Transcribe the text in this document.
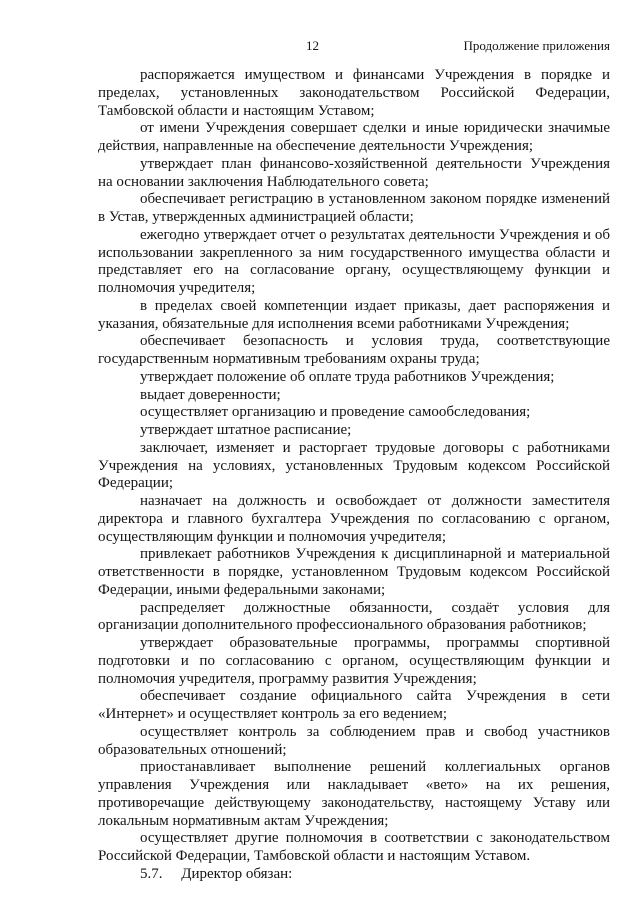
12	Продолжение приложения

распоряжается имуществом и финансами Учреждения в порядке и пределах, установленных законодательством Российской Федерации, Тамбовской области и настоящим Уставом;

от имени Учреждения совершает сделки и иные юридически значимые действия, направленные на обеспечение деятельности Учреждения;

утверждает план финансово-хозяйственной деятельности Учреждения на основании заключения Наблюдательного совета;

обеспечивает регистрацию в установленном законом порядке изменений в Устав, утвержденных администрацией области;

ежегодно утверждает отчет о результатах деятельности Учреждения и об использовании закрепленного за ним государственного имущества области и представляет его на согласование органу, осуществляющему функции и полномочия учредителя;

в пределах своей компетенции издает приказы, дает распоряжения и указания, обязательные для исполнения всеми работниками Учреждения;

обеспечивает безопасность и условия труда, соответствующие государственным нормативным требованиям охраны труда;

утверждает положение об оплате труда работников Учреждения;

выдает доверенности;

осуществляет организацию и проведение самообследования;

утверждает штатное расписание;

заключает, изменяет и расторгает трудовые договоры с работниками Учреждения на условиях, установленных Трудовым кодексом Российской Федерации;

назначает на должность и освобождает от должности заместителя директора и главного бухгалтера Учреждения по согласованию с органом, осуществляющим функции и полномочия учредителя;

привлекает работников Учреждения к дисциплинарной и материальной ответственности в порядке, установленном Трудовым кодексом Российской Федерации, иными федеральными законами;

распределяет должностные обязанности, создаёт условия для организации дополнительного профессионального образования работников;

утверждает образовательные программы, программы спортивной подготовки и по согласованию с органом, осуществляющим функции и полномочия учредителя, программу развития Учреждения;

обеспечивает создание официального сайта Учреждения в сети «Интернет» и осуществляет контроль за его ведением;

осуществляет контроль за соблюдением прав и свобод участников образовательных отношений;

приостанавливает выполнение решений коллегиальных органов управления Учреждения или накладывает «вето» на их решения, противоречащие действующему законодательству, настоящему Уставу или локальным нормативным актам Учреждения;

осуществляет другие полномочия в соответствии с законодательством Российской Федерации, Тамбовской области и настоящим Уставом.

5.7. Директор обязан:
